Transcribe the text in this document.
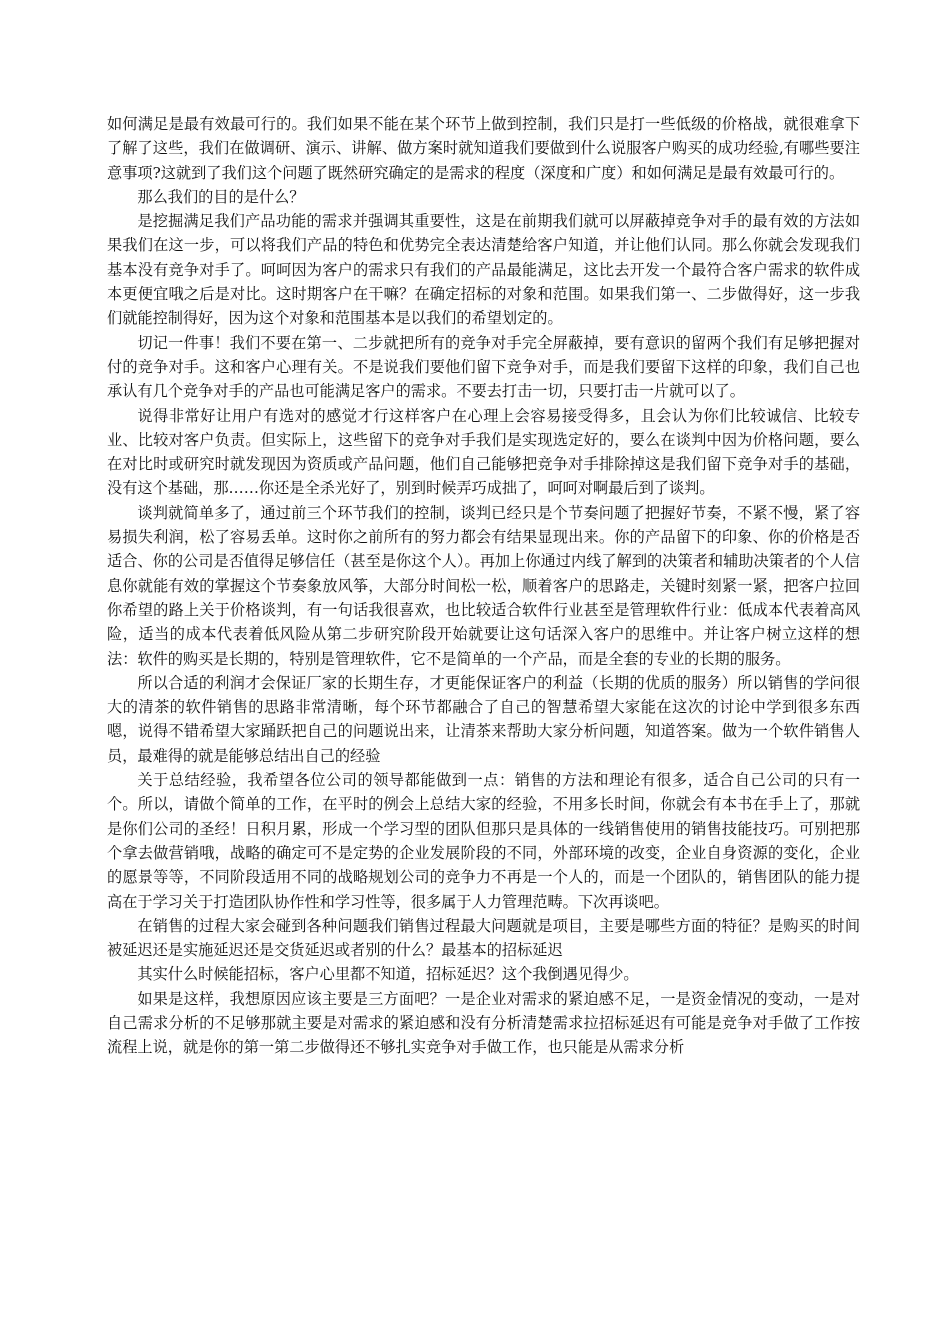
如何满足是最有效最可行的。我们如果不能在某个环节上做到控制，我们只是打一些低级的价格战，就很难拿下了解了这些，我们在做调研、演示、讲解、做方案时就知道我们要做到什么说服客户购买的成功经验,有哪些要注意事项?这就到了我们这个问题了既然研究确定的是需求的程度（深度和广度）和如何满足是最有效最可行的。

那么我们的目的是什么？

是挖掘满足我们产品功能的需求并强调其重要性，这是在前期我们就可以屏蔽掉竞争对手的最有效的方法如果我们在这一步，可以将我们产品的特色和优势完全表达清楚给客户知道，并让他们认同。那么你就会发现我们基本没有竞争对手了。呵呵因为客户的需求只有我们的产品最能满足，这比去开发一个最符合客户需求的软件成本更便宜哦之后是对比。这时期客户在干嘛？在确定招标的对象和范围。如果我们第一、二步做得好，这一步我们就能控制得好，因为这个对象和范围基本是以我们的希望划定的。

切记一件事！我们不要在第一、二步就把所有的竞争对手完全屏蔽掉，要有意识的留两个我们有足够把握对付的竞争对手。这和客户心理有关。不是说我们要他们留下竞争对手，而是我们要留下这样的印象，我们自己也承认有几个竞争对手的产品也可能满足客户的需求。不要去打击一切，只要打击一片就可以了。

说得非常好让用户有选对的感觉才行这样客户在心理上会容易接受得多，且会认为你们比较诚信、比较专业、比较对客户负责。但实际上，这些留下的竞争对手我们是实现选定好的，要么在谈判中因为价格问题，要么在对比时或研究时就发现因为资质或产品问题，他们自己能够把竞争对手排除掉这是我们留下竞争对手的基础，没有这个基础，那……你还是全杀光好了，别到时候弄巧成拙了，呵呵对啊最后到了谈判。

谈判就简单多了，通过前三个环节我们的控制，谈判已经只是个节奏问题了把握好节奏，不紧不慢，紧了容易损失利润，松了容易丢单。这时你之前所有的努力都会有结果显现出来。你的产品留下的印象、你的价格是否适合、你的公司是否值得足够信任（甚至是你这个人）。再加上你通过内线了解到的决策者和辅助决策者的个人信息你就能有效的掌握这个节奏象放风筝，大部分时间松一松，顺着客户的思路走，关键时刻紧一紧，把客户拉回你希望的路上关于价格谈判，有一句话我很喜欢，也比较适合软件行业甚至是管理软件行业：低成本代表着高风险，适当的成本代表着低风险从第二步研究阶段开始就要让这句话深入客户的思维中。并让客户树立这样的想法：软件的购买是长期的，特别是管理软件，它不是简单的一个产品，而是全套的专业的长期的服务。

所以合适的利润才会保证厂家的长期生存，才更能保证客户的利益（长期的优质的服务）所以销售的学问很大的清茶的软件销售的思路非常清晰，每个环节都融合了自己的智慧希望大家能在这次的讨论中学到很多东西嗯，说得不错希望大家踊跃把自己的问题说出来，让清茶来帮助大家分析问题，知道答案。做为一个软件销售人员，最难得的就是能够总结出自己的经验

关于总结经验，我希望各位公司的领导都能做到一点：销售的方法和理论有很多，适合自己公司的只有一个。所以，请做个简单的工作，在平时的例会上总结大家的经验，不用多长时间，你就会有本书在手上了，那就是你们公司的圣经！日积月累，形成一个学习型的团队但那只是具体的一线销售使用的销售技能技巧。可别把那个拿去做营销哦，战略的确定可不是定势的企业发展阶段的不同，外部环境的改变，企业自身资源的变化，企业的愿景等等，不同阶段适用不同的战略规划公司的竞争力不再是一个人的，而是一个团队的，销售团队的能力提高在于学习关于打造团队协作性和学习性等，很多属于人力管理范畴。下次再谈吧。

在销售的过程大家会碰到各种问题我们销售过程最大问题就是项目，主要是哪些方面的特征？是购买的时间被延迟还是实施延迟还是交货延迟或者别的什么？最基本的招标延迟

其实什么时候能招标，客户心里都不知道，招标延迟？这个我倒遇见得少。

如果是这样，我想原因应该主要是三方面吧？一是企业对需求的紧迫感不足，一是资金情况的变动，一是对自己需求分析的不足够那就主要是对需求的紧迫感和没有分析清楚需求拉招标延迟有可能是竞争对手做了工作按流程上说，就是你的第一第二步做得还不够扎实竞争对手做工作，也只能是从需求分析
